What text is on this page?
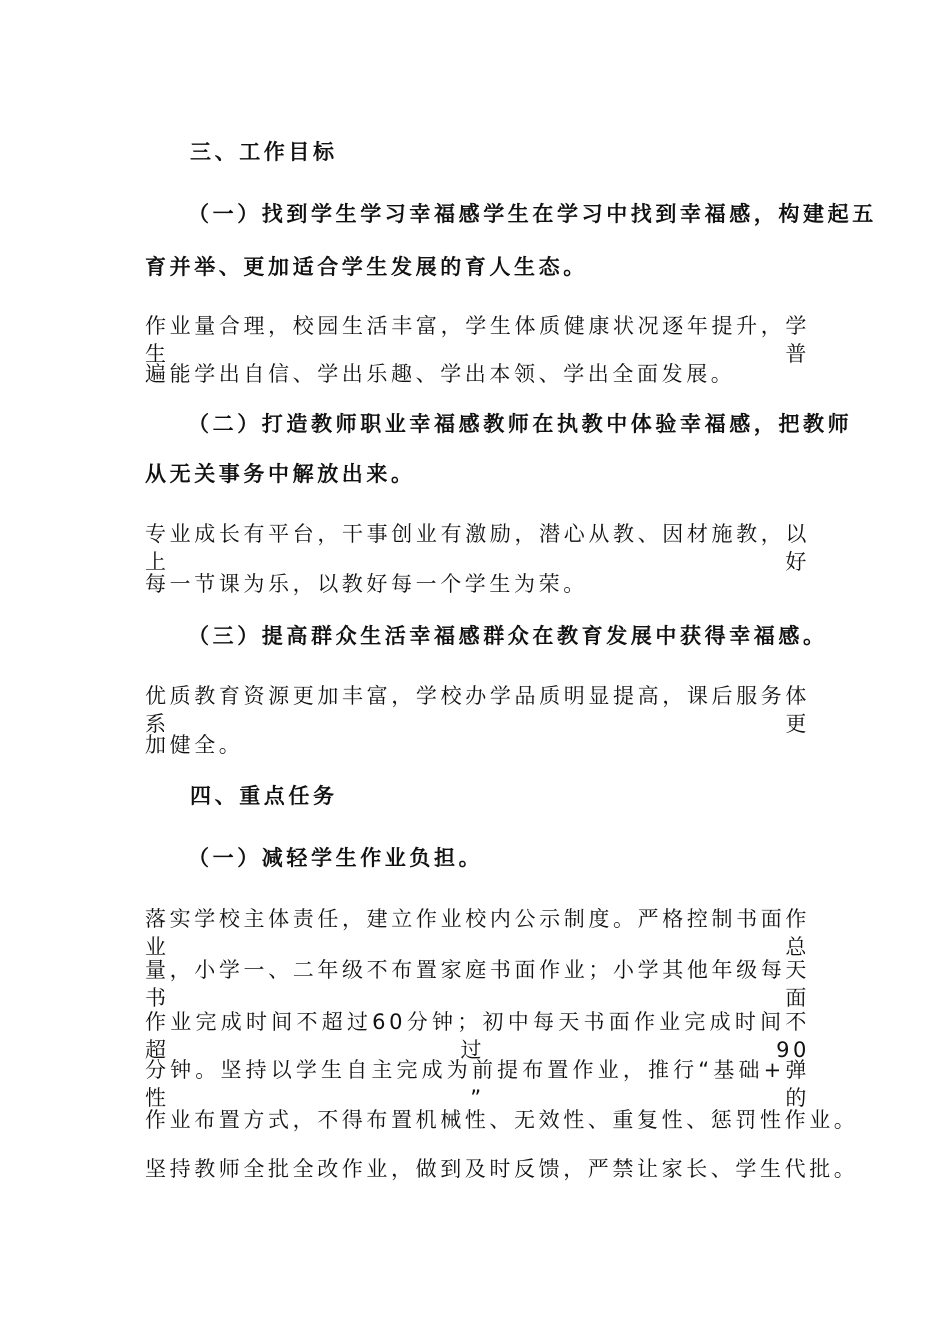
三、工作目标
（一）找到学生学习幸福感学生在学习中找到幸福感，构建起五
育并举、更加适合学生发展的育人生态。
作业量合理，校园生活丰富，学生体质健康状况逐年提升，学生普
遍能学出自信、学出乐趣、学出本领、学出全面发展。
（二）打造教师职业幸福感教师在执教中体验幸福感，把教师
从无关事务中解放出来。
专业成长有平台，干事创业有激励，潜心从教、因材施教，以上好
每一节课为乐，以教好每一个学生为荣。
（三）提高群众生活幸福感群众在教育发展中获得幸福感。
优质教育资源更加丰富，学校办学品质明显提高，课后服务体系更
加健全。
四、重点任务
（一）减轻学生作业负担。
落实学校主体责任，建立作业校内公示制度。严格控制书面作业总
量，小学一、二年级不布置家庭书面作业；小学其他年级每天书面
作业完成时间不超过60分钟；初中每天书面作业完成时间不超过90
分钟。坚持以学生自主完成为前提布置作业，推行“基础+弹性”的
作业布置方式，不得布置机械性、无效性、重复性、惩罚性作业。
坚持教师全批全改作业，做到及时反馈，严禁让家长、学生代批。
